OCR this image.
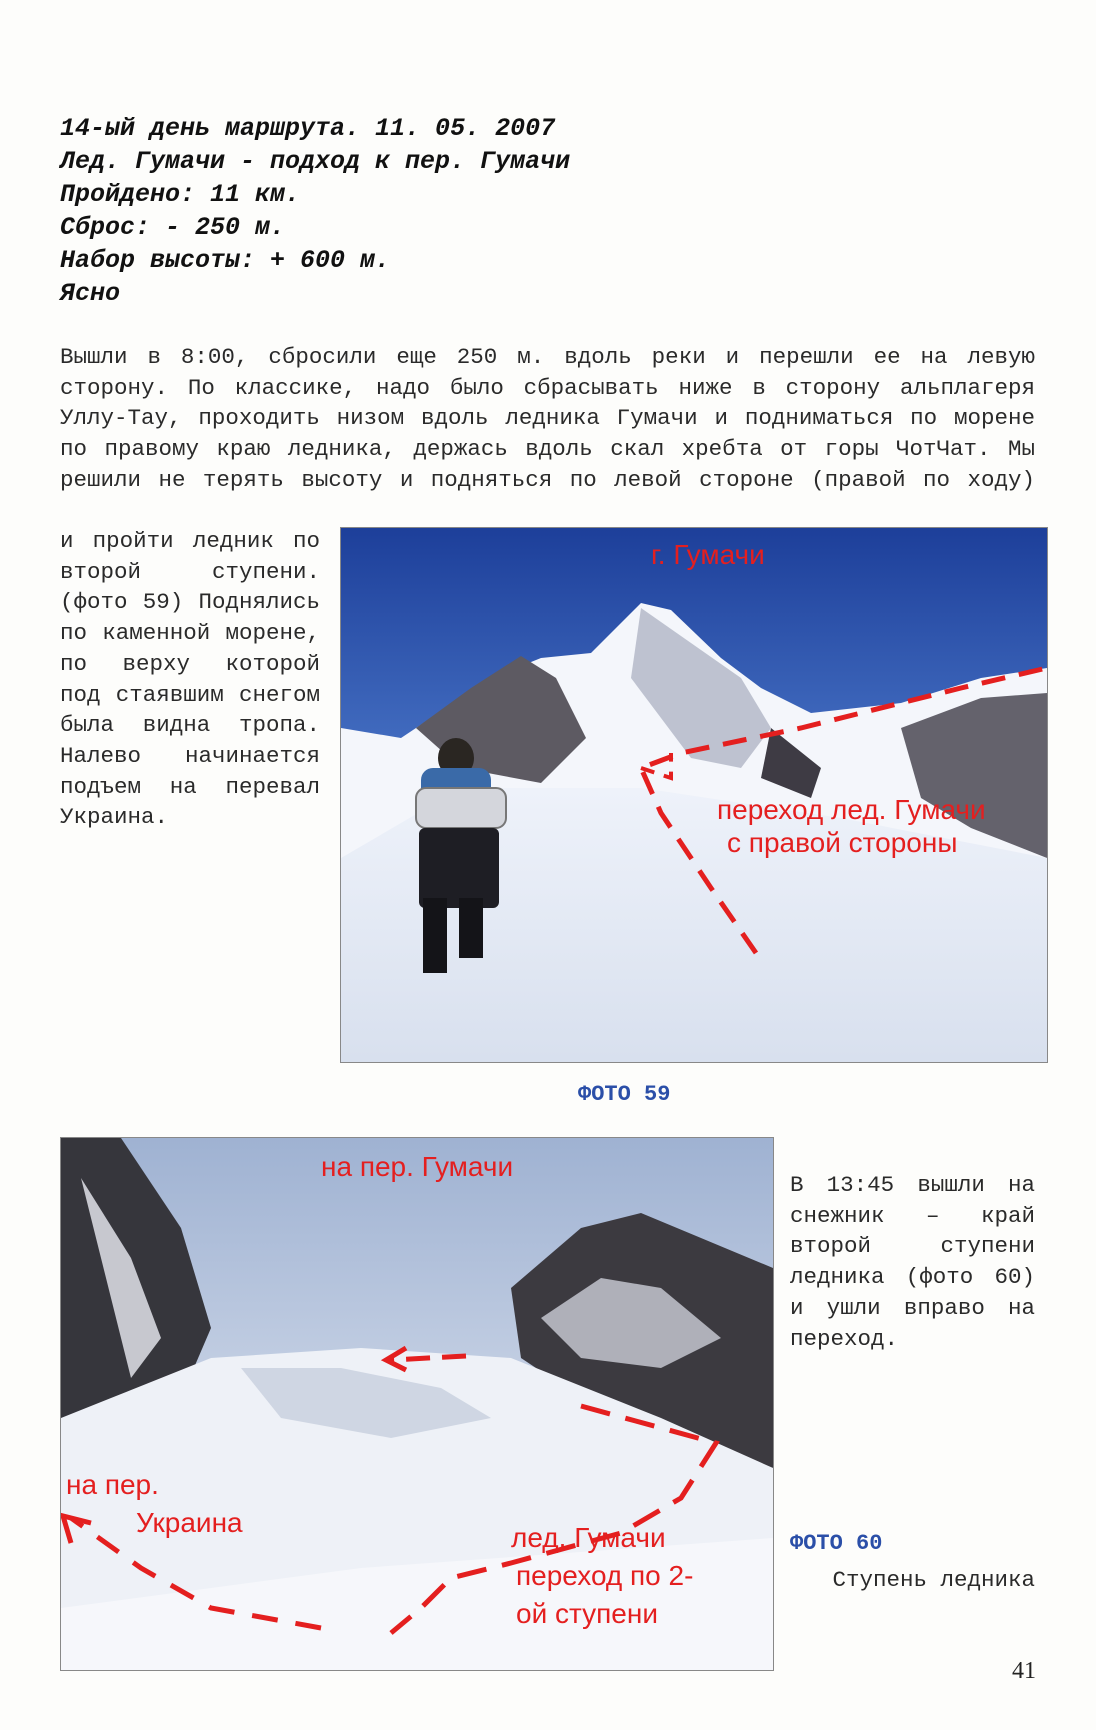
14-ый день маршрута. 11. 05. 2007
Лед. Гумачи - подход к пер. Гумачи
Пройдено: 11 км.
Сброс: - 250 м.
Набор высоты: + 600 м.
Ясно
Вышли в 8:00, сбросили еще 250 м. вдоль реки и перешли ее на левую сторону. По классике, надо было сбрасывать ниже в сторону альплагеря Уллу-Тау, проходить низом вдоль ледника Гумачи и подниматься по морене по правому краю ледника, держась вдоль скал хребта от горы ЧотЧат. Мы решили не терять высоту и подняться по левой стороне (правой по ходу)
и пройти ледник по второй ступени. (фото 59) Поднялись по каменной морене, по верху которой под стаявшим снегом была видна тропа. Налево начинается подъем на перевал Украина.
г. Гумачи
переход лед. Гумачи
с правой стороны
ФОТО 59
на пер. Гумачи
на пер.
Украина	лед. Гумачи
переход по 2-
ой ступени
В 13:45 вышли на снежник – край второй ступени ледника (фото 60) и ушли вправо на переход.
ФОТО 60
Ступень ледника
41
